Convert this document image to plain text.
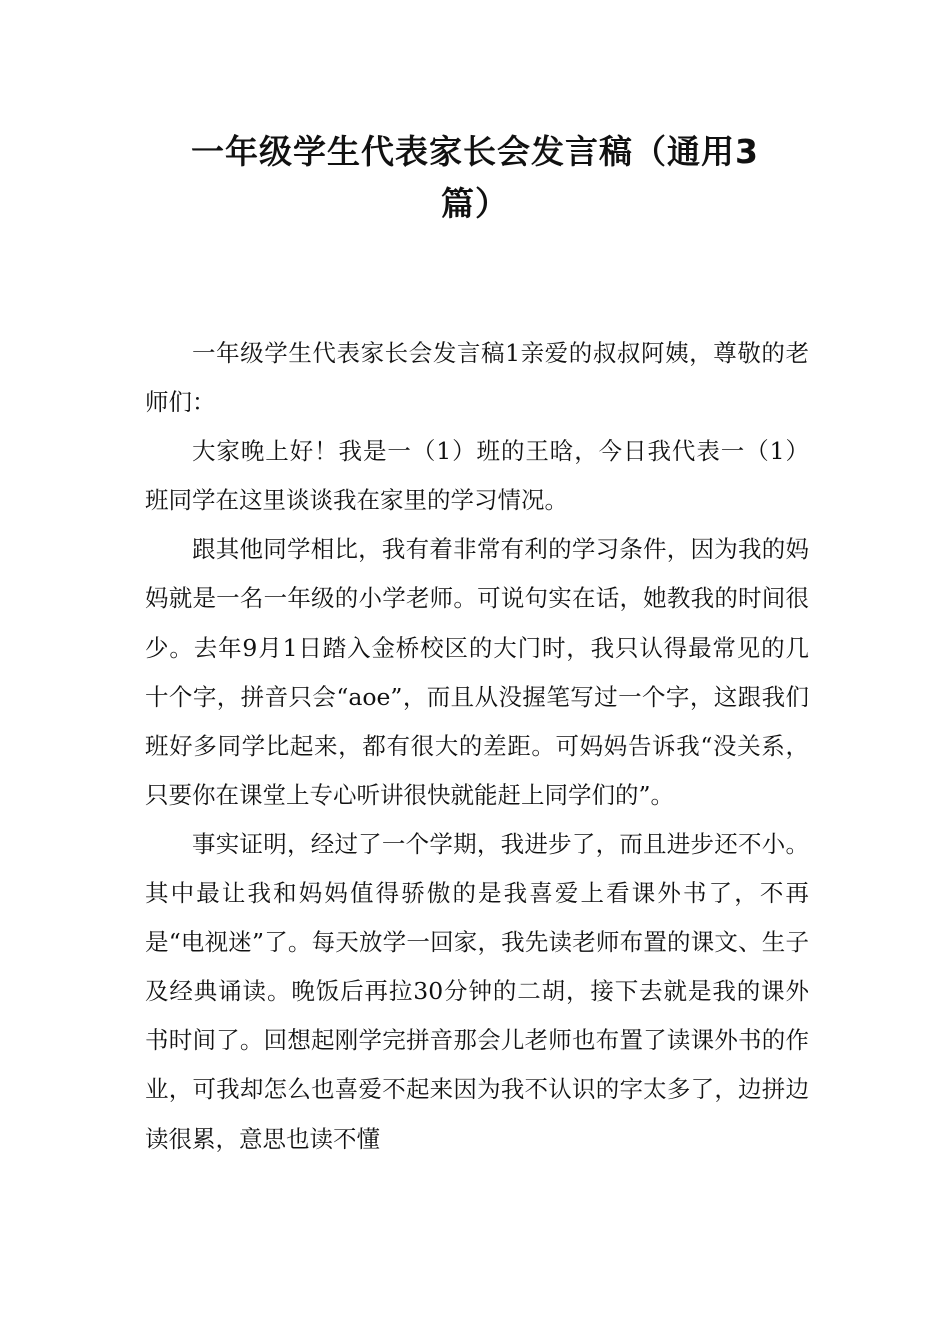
一年级学生代表家长会发言稿（通用3
篇）

一年级学生代表家长会发言稿1亲爱的叔叔阿姨，尊敬的老师们：

大家晚上好！我是一（1）班的王晗，今日我代表一（1）班同学在这里谈谈我在家里的学习情况。

跟其他同学相比，我有着非常有利的学习条件，因为我的妈妈就是一名一年级的小学老师。可说句实在话，她教我的时间很少。去年9月1日踏入金桥校区的大门时，我只认得最常见的几十个字，拼音只会“aoe”，而且从没握笔写过一个字，这跟我们班好多同学比起来，都有很大的差距。可妈妈告诉我“没关系，只要你在课堂上专心听讲很快就能赶上同学们的”。

事实证明，经过了一个学期，我进步了，而且进步还不小。其中最让我和妈妈值得骄傲的是我喜爱上看课外书了，不再是“电视迷”了。每天放学一回家，我先读老师布置的课文、生子及经典诵读。晚饭后再拉30分钟的二胡，接下去就是我的课外书时间了。回想起刚学完拼音那会儿老师也布置了读课外书的作业，可我却怎么也喜爱不起来因为我不认识的字太多了，边拼边读很累，意思也读不懂
